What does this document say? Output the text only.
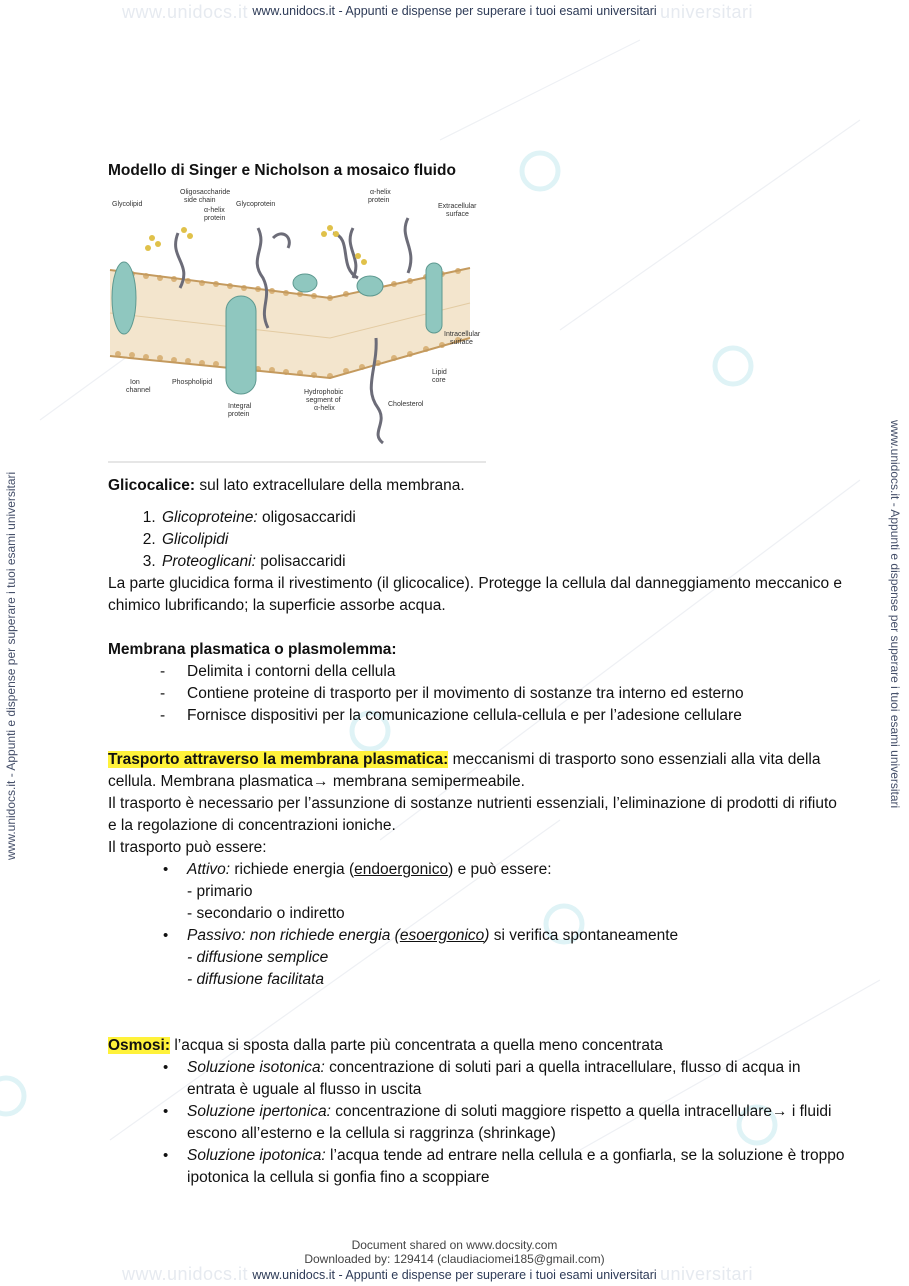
www.unidocs.it	universitari
www.unidocs.it	universitari
www.unidocs.it - Appunti e dispense per superare i tuoi esami universitari
www.unidocs.it - Appunti e dispense per superare i tuoi esami universitari
www.unidocs.it - Appunti e dispense per superare i tuoi esami universitari	www.unidocs.it - Appunti e dispense per superare i tuoi esami universitari

Modello di Singer e Nicholson a mosaico fluido

Glycolipid
Oligosaccharide
side chain
α-helix
protein
Glycoprotein
α-helix
protein
Extracellular
surface
Intracellular
surface
Ion
channel
Phospholipid
Integral
protein
Hydrophobic
segment of
α-helix
Cholesterol
Lipid
core

Glicocalice: sul lato extracellulare della membrana.

1. Glicoproteine: oligosaccaridi
2. Glicolipidi
3. Proteoglicani: polisaccaridi

La parte glucidica forma il rivestimento (il glicocalice). Protegge la cellula dal danneggiamento meccanico e chimico lubrificando; la superficie assorbe acqua.

Membrana plasmatica o plasmolemma:

- Delimita i contorni della cellula
- Contiene proteine di trasporto per il movimento di sostanze tra interno ed esterno
- Fornisce dispositivi per la comunicazione cellula-cellula e per l’adesione cellulare

Trasporto attraverso la membrana plasmatica: meccanismi di trasporto sono essenziali alla vita della cellula. Membrana plasmatica→ membrana semipermeabile.

Il trasporto è necessario per l’assunzione di sostanze nutrienti essenziali, l’eliminazione di prodotti di rifiuto e la regolazione di concentrazioni ioniche.

Il trasporto può essere:

• Attivo: richiede energia (endoergonico) e può essere:
- primario
- secondario o indiretto
• Passivo: non richiede energia (esoergonico) si verifica spontaneamente
- diffusione semplice
- diffusione facilitata

Osmosi: l’acqua si sposta dalla parte più concentrata a quella meno concentrata

• Soluzione isotonica: concentrazione di soluti pari a quella intracellulare, flusso di acqua in entrata è uguale al flusso in uscita
• Soluzione ipertonica: concentrazione di soluti maggiore rispetto a quella intracellulare→ i fluidi escono all’esterno e la cellula si raggrinza (shrinkage)
• Soluzione ipotonica: l’acqua tende ad entrare nella cellula e a gonfiarla, se la soluzione è troppo ipotonica la cellula si gonfia fino a scoppiare
Document shared on www.docsity.com
Downloaded by: 129414 (claudiaciomei185@gmail.com)
